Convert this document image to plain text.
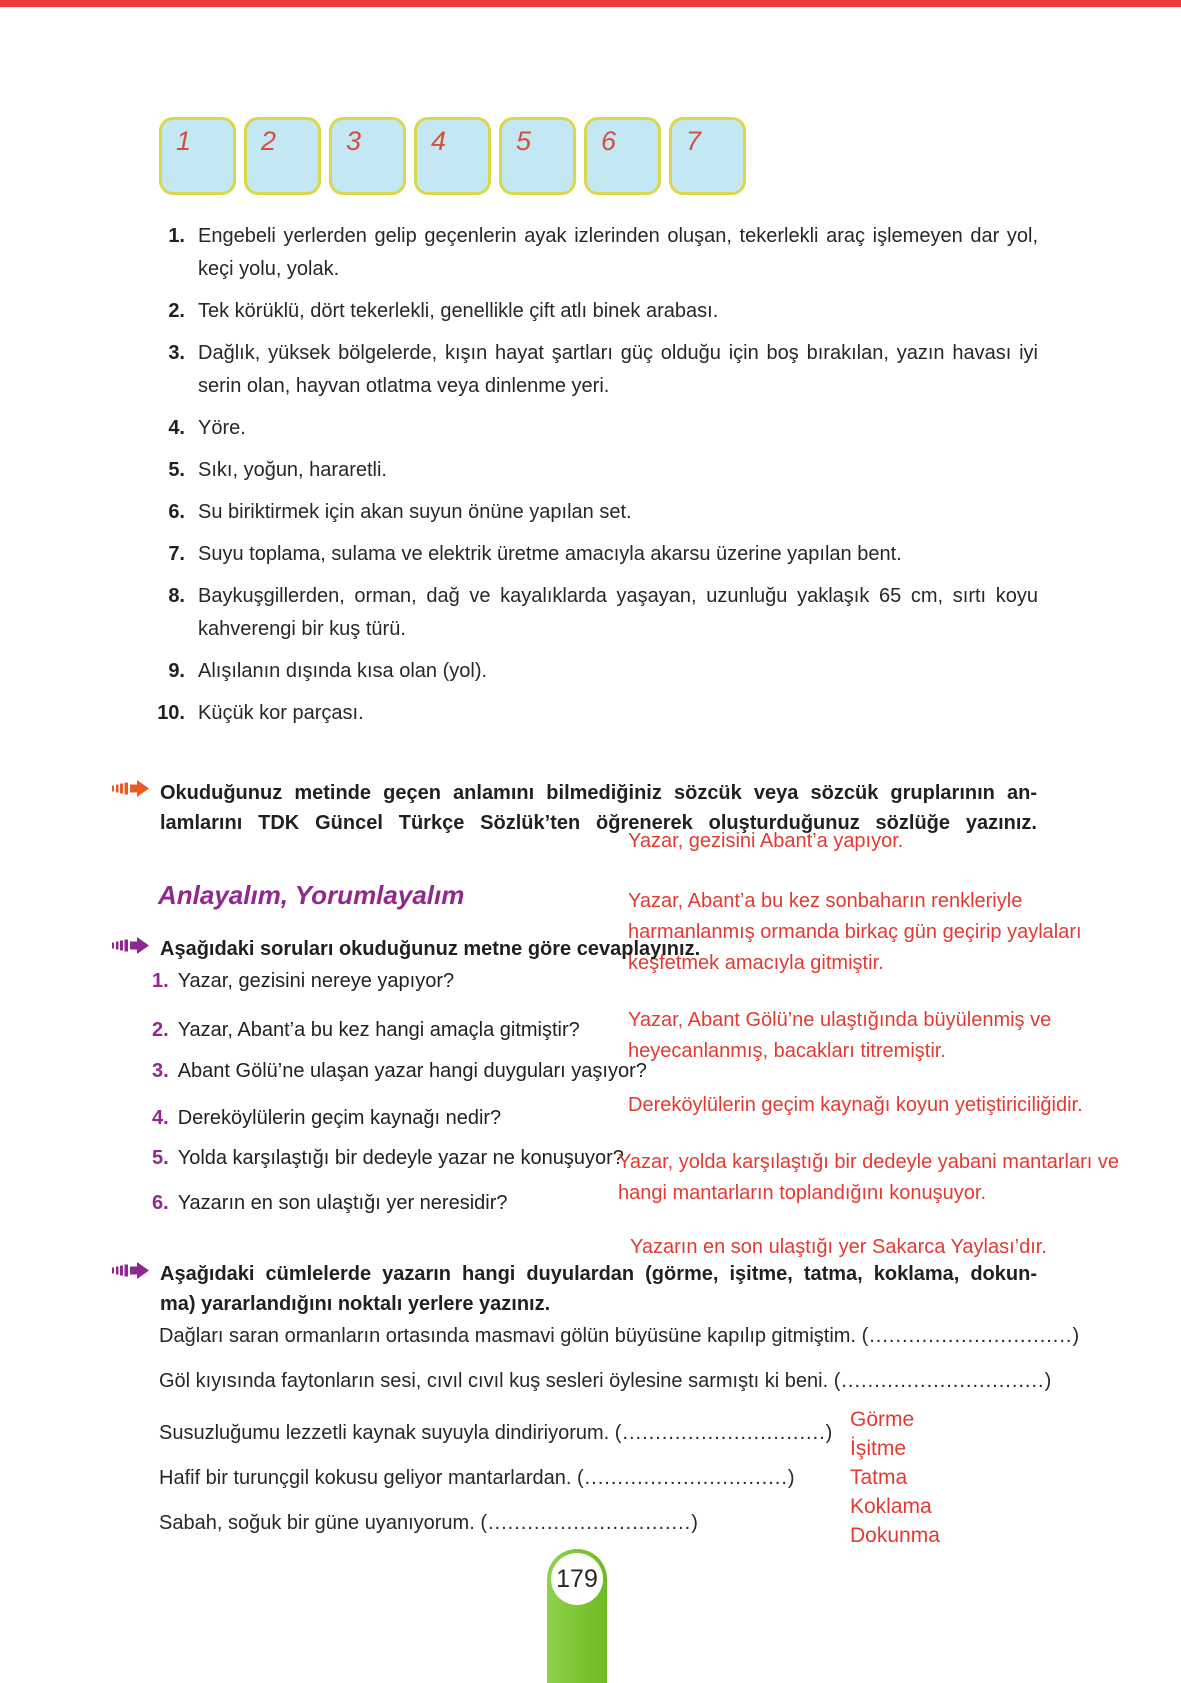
1	2	3	4	5	6	7
1. Engebeli yerlerden gelip geçenlerin ayak izlerinden oluşan, tekerlekli araç işlemeyen dar yol, keçi yolu, yolak.
2. Tek körüklü, dört tekerlekli, genellikle çift atlı binek arabası.
3. Dağlık, yüksek bölgelerde, kışın hayat şartları güç olduğu için boş bırakılan, yazın havası iyi serin olan, hayvan otlatma veya dinlenme yeri.
4. Yöre.
5. Sıkı, yoğun, hararetli.
6. Su biriktirmek için akan suyun önüne yapılan set.
7. Suyu toplama, sulama ve elektrik üretme amacıyla akarsu üzerine yapılan bent.
8. Baykuşgillerden, orman, dağ ve kayalıklarda yaşayan, uzunluğu yaklaşık 65 cm, sırtı koyu kahverengi bir kuş türü.
9. Alışılanın dışında kısa olan (yol).
10. Küçük kor parçası.
Okuduğunuz metinde geçen anlamını bilmediğiniz sözcük veya sözcük gruplarının an-
lamlarını TDK Güncel Türkçe Sözlük’ten öğrenerek oluşturduğunuz sözlüğe yazınız.
Yazar, gezisini Abant’a yapıyor.
Anlayalım, Yorumlayalım	Yazar, Abant’a bu kez sonbaharın renkleriyle
harmanlanmış ormanda birkaç gün geçirip yaylaları
keşfetmek amacıyla gitmiştir.
Aşağıdaki soruları okuduğunuz metne göre cevaplayınız.
1. Yazar, gezisini nereye yapıyor?
2. Yazar, Abant’a bu kez hangi amaçla gitmiştir?
3. Abant Gölü’ne ulaşan yazar hangi duyguları yaşıyor?
4. Dereköylülerin geçim kaynağı nedir?
5. Yolda karşılaştığı bir dedeyle yazar ne konuşuyor?
6. Yazarın en son ulaştığı yer neresidir?
Yazar, Abant Gölü’ne ulaştığında büyülenmiş ve
heyecanlanmış, bacakları titremiştir.
Dereköylülerin geçim kaynağı koyun yetiştiriciliğidir.
Yazar, yolda karşılaştığı bir dedeyle yabani mantarları ve
hangi mantarların toplandığını konuşuyor.
Yazarın en son ulaştığı yer Sakarca Yaylası’dır.
Aşağıdaki cümlelerde yazarın hangi duyulardan (görme, işitme, tatma, koklama, dokun-
ma) yararlandığını noktalı yerlere yazınız.
Dağları saran ormanların ortasında masmavi gölün büyüsüne kapılıp gitmiştim. (...............................)
Göl kıyısında faytonların sesi, cıvıl cıvıl kuş sesleri öylesine sarmıştı ki beni. (...............................)
Susuzluğumu lezzetli kaynak suyuyla dindiriyorum. (...............................)
Hafif bir turunçgil kokusu geliyor mantarlardan. (...............................)
Sabah, soğuk bir güne uyanıyorum. (...............................)
Görme
İşitme
Tatma
Koklama
Dokunma
179
